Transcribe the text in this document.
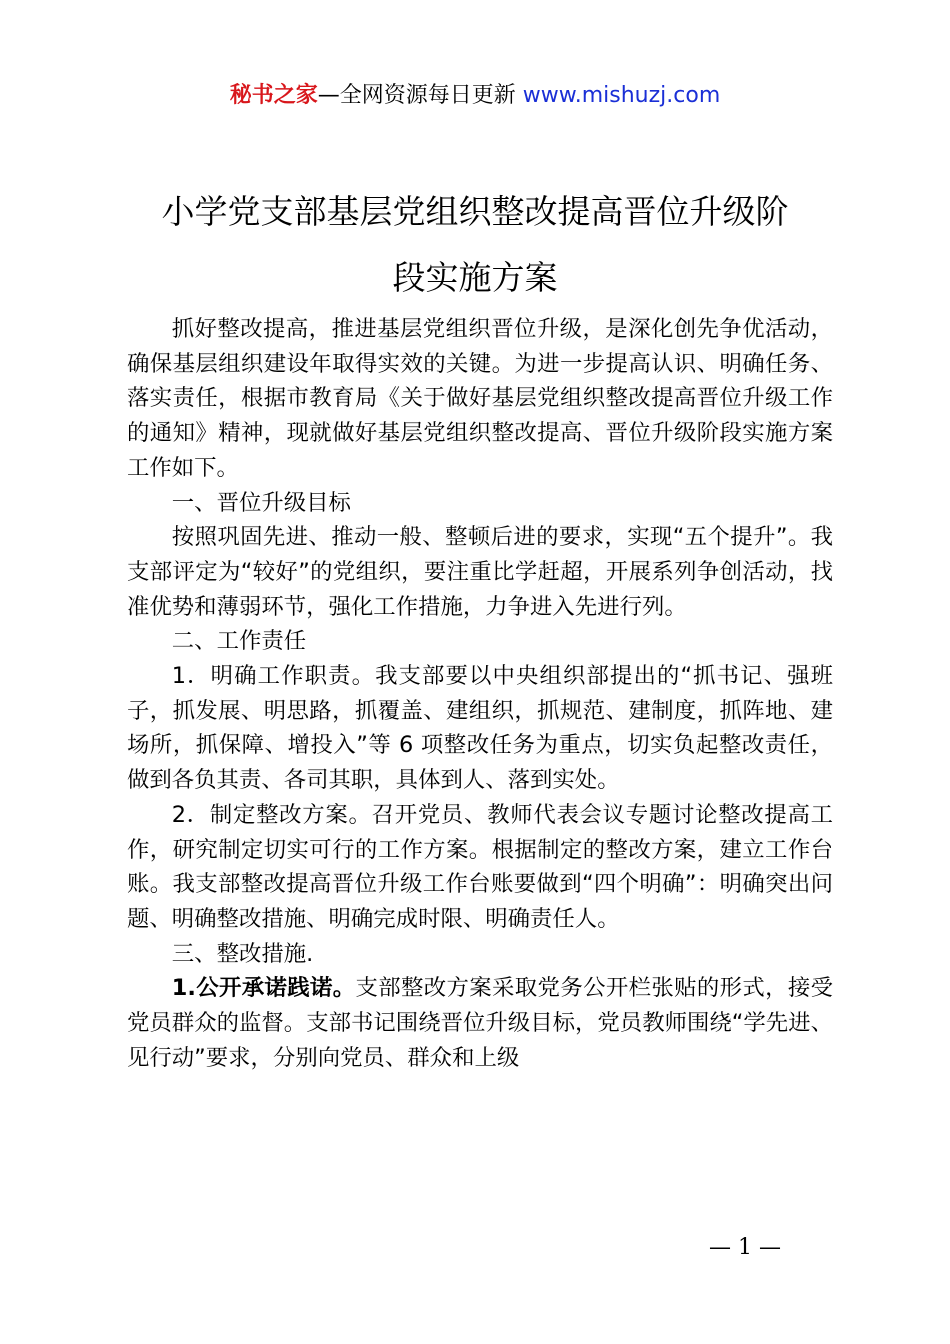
秘书之家—全网资源每日更新 www.mishuzj.com
小学党支部基层党组织整改提高晋位升级阶
段实施方案

抓好整改提高，推进基层党组织晋位升级，是深化创先争优活动，确保基层组织建设年取得实效的关键。为进一步提高认识、明确任务、落实责任，根据市教育局《关于做好基层党组织整改提高晋位升级工作的通知》精神，现就做好基层党组织整改提高、晋位升级阶段实施方案工作如下。

一、晋位升级目标

按照巩固先进、推动一般、整顿后进的要求，实现“五个提升”。我支部评定为“较好”的党组织，要注重比学赶超，开展系列争创活动，找准优势和薄弱环节，强化工作措施，力争进入先进行列。

二、工作责任

1．明确工作职责。我支部要以中央组织部提出的“抓书记、强班子，抓发展、明思路，抓覆盖、建组织，抓规范、建制度，抓阵地、建场所，抓保障、增投入”等 6 项整改任务为重点，切实负起整改责任，做到各负其责、各司其职，具体到人、落到实处。

2．制定整改方案。召开党员、教师代表会议专题讨论整改提高工作，研究制定切实可行的工作方案。根据制定的整改方案，建立工作台账。我支部整改提高晋位升级工作台账要做到“四个明确”：明确突出问题、明确整改措施、明确完成时限、明确责任人。

三、整改措施.

1.公开承诺践诺。支部整改方案采取党务公开栏张贴的形式，接受党员群众的监督。支部书记围绕晋位升级目标，党员教师围绕“学先进、见行动”要求，分别向党员、群众和上级

— 1 —
